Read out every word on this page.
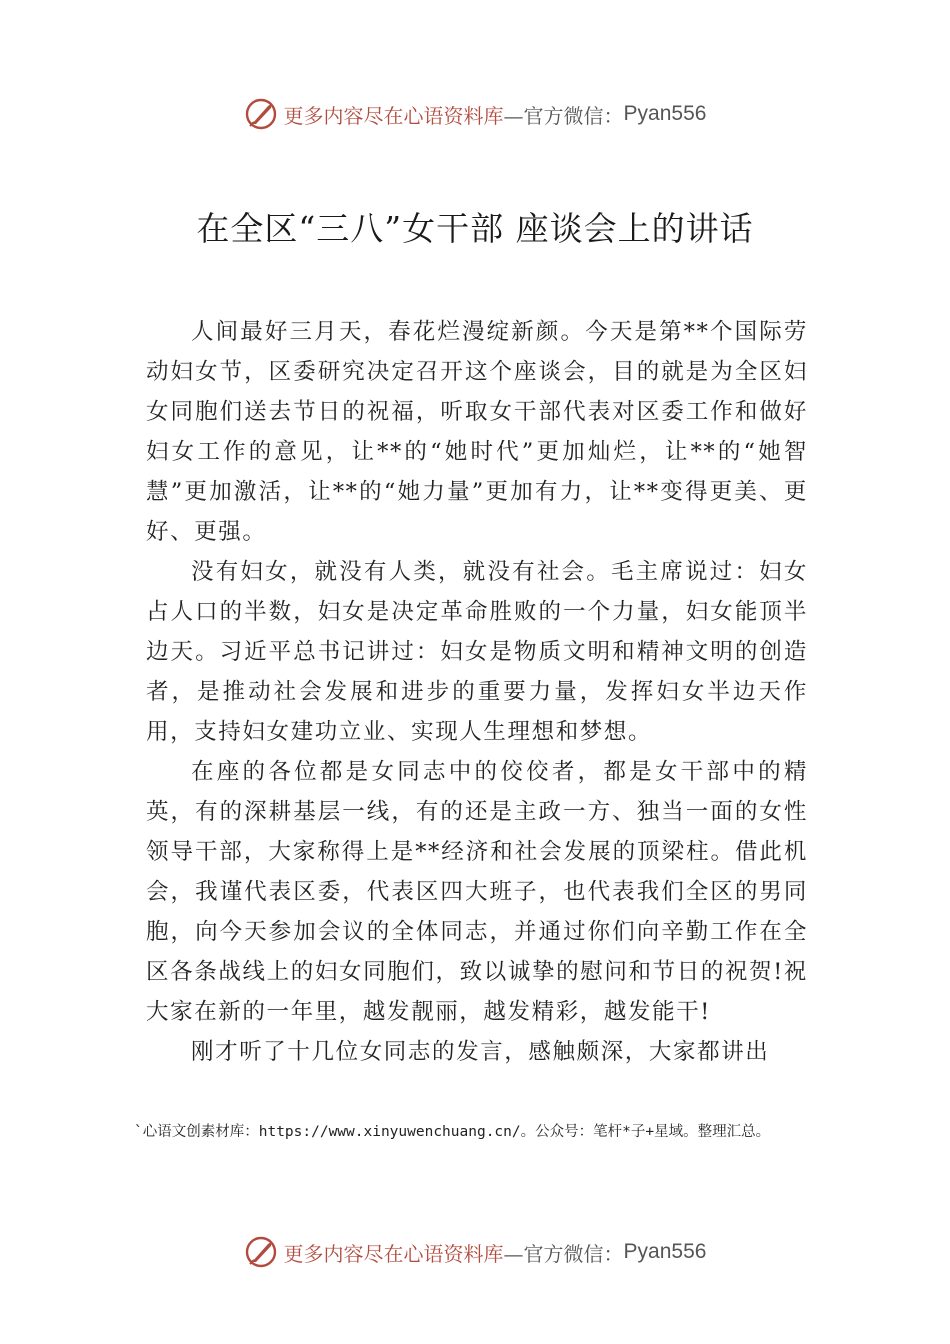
更多内容尽在心语资料库 —官方微信： Pyan556
在全区“三八”女干部 座谈会上的讲话

人间最好三月天，春花烂漫绽新颜。今天是第**个国际劳动妇女节，区委研究决定召开这个座谈会，目的就是为全区妇女同胞们送去节日的祝福，听取女干部代表对区委工作和做好妇女工作的意见，让**的“她时代”更加灿烂，让**的“她智慧”更加激活，让**的“她力量”更加有力，让**变得更美、更好、更强。

没有妇女，就没有人类，就没有社会。毛主席说过：妇女占人口的半数，妇女是决定革命胜败的一个力量，妇女能顶半边天。习近平总书记讲过：妇女是物质文明和精神文明的创造者，是推动社会发展和进步的重要力量，发挥妇女半边天作用，支持妇女建功立业、实现人生理想和梦想。

在座的各位都是女同志中的佼佼者，都是女干部中的精英，有的深耕基层一线，有的还是主政一方、独当一面的女性领导干部，大家称得上是**经济和社会发展的顶梁柱。借此机会，我谨代表区委，代表区四大班子，也代表我们全区的男同胞，向今天参加会议的全体同志，并通过你们向辛勤工作在全区各条战线上的妇女同胞们，致以诚挚的慰问和节日的祝贺!祝大家在新的一年里，越发靓丽，越发精彩，越发能干!

刚才听了十几位女同志的发言，感触颇深，大家都讲出

`心语文创素材库：https://www.xinyuwenchuang.cn/。公众号：笔杆*子+星域。整理汇总。
更多内容尽在心语资料库 —官方微信： Pyan556
